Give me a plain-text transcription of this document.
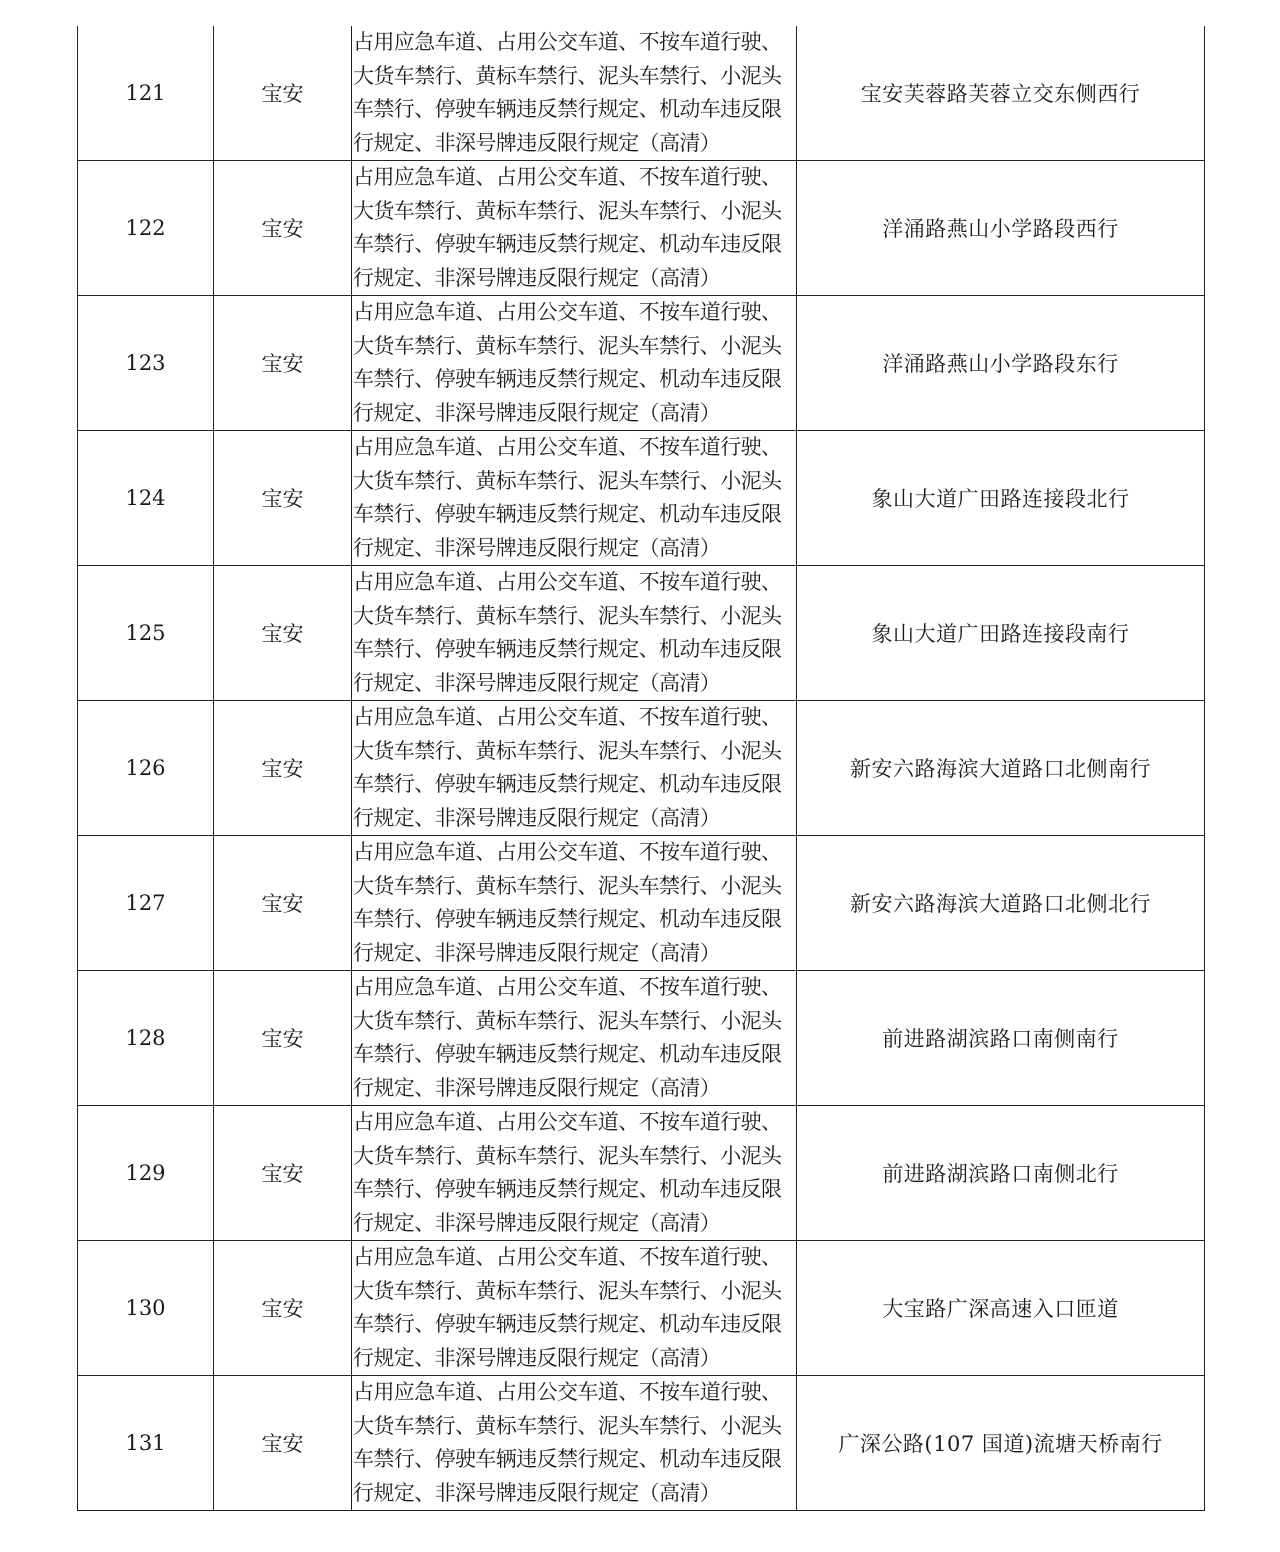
121	宝安	占用应急车道、占用公交车道、不按车道行驶、大货车禁行、黄标车禁行、泥头车禁行、小泥头车禁行、停驶车辆违反禁行规定、机动车违反限行规定、非深号牌违反限行规定（高清）	宝安芙蓉路芙蓉立交东侧西行
122	宝安	占用应急车道、占用公交车道、不按车道行驶、大货车禁行、黄标车禁行、泥头车禁行、小泥头车禁行、停驶车辆违反禁行规定、机动车违反限行规定、非深号牌违反限行规定（高清）	洋涌路燕山小学路段西行
123	宝安	占用应急车道、占用公交车道、不按车道行驶、大货车禁行、黄标车禁行、泥头车禁行、小泥头车禁行、停驶车辆违反禁行规定、机动车违反限行规定、非深号牌违反限行规定（高清）	洋涌路燕山小学路段东行
124	宝安	占用应急车道、占用公交车道、不按车道行驶、大货车禁行、黄标车禁行、泥头车禁行、小泥头车禁行、停驶车辆违反禁行规定、机动车违反限行规定、非深号牌违反限行规定（高清）	象山大道广田路连接段北行
125	宝安	占用应急车道、占用公交车道、不按车道行驶、大货车禁行、黄标车禁行、泥头车禁行、小泥头车禁行、停驶车辆违反禁行规定、机动车违反限行规定、非深号牌违反限行规定（高清）	象山大道广田路连接段南行
126	宝安	占用应急车道、占用公交车道、不按车道行驶、大货车禁行、黄标车禁行、泥头车禁行、小泥头车禁行、停驶车辆违反禁行规定、机动车违反限行规定、非深号牌违反限行规定（高清）	新安六路海滨大道路口北侧南行
127	宝安	占用应急车道、占用公交车道、不按车道行驶、大货车禁行、黄标车禁行、泥头车禁行、小泥头车禁行、停驶车辆违反禁行规定、机动车违反限行规定、非深号牌违反限行规定（高清）	新安六路海滨大道路口北侧北行
128	宝安	占用应急车道、占用公交车道、不按车道行驶、大货车禁行、黄标车禁行、泥头车禁行、小泥头车禁行、停驶车辆违反禁行规定、机动车违反限行规定、非深号牌违反限行规定（高清）	前进路湖滨路口南侧南行
129	宝安	占用应急车道、占用公交车道、不按车道行驶、大货车禁行、黄标车禁行、泥头车禁行、小泥头车禁行、停驶车辆违反禁行规定、机动车违反限行规定、非深号牌违反限行规定（高清）	前进路湖滨路口南侧北行
130	宝安	占用应急车道、占用公交车道、不按车道行驶、大货车禁行、黄标车禁行、泥头车禁行、小泥头车禁行、停驶车辆违反禁行规定、机动车违反限行规定、非深号牌违反限行规定（高清）	大宝路广深高速入口匝道
131	宝安	占用应急车道、占用公交车道、不按车道行驶、大货车禁行、黄标车禁行、泥头车禁行、小泥头车禁行、停驶车辆违反禁行规定、机动车违反限行规定、非深号牌违反限行规定（高清）	广深公路(107 国道)流塘天桥南行
